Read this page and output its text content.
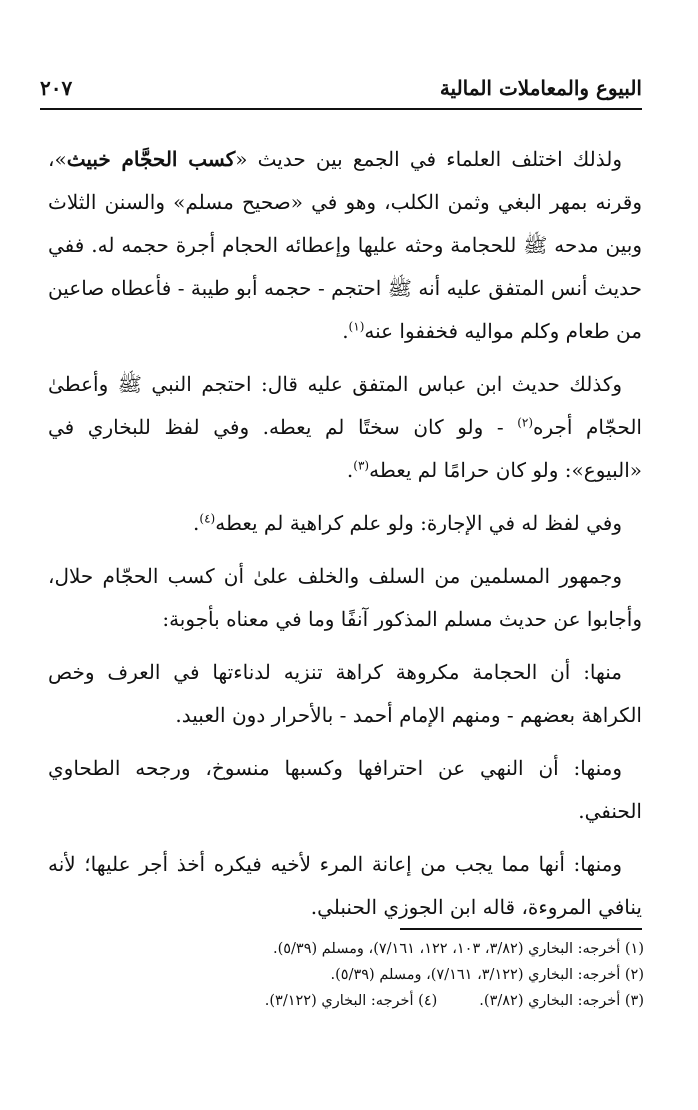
البيوع والمعاملات المالية
٢٠٧

ولذلك اختلف العلماء في الجمع بين حديث «كسب الحجَّام خبيث»، وقرنه بمهر البغي وثمن الكلب، وهو في «صحيح مسلم» والسنن الثلاث وبين مدحه ﷺ للحجامة وحثه عليها وإعطائه الحجام أجرة حجمه له. ففي حديث أنس المتفق عليه أنه ﷺ احتجم - حجمه أبو طيبة - فأعطاه صاعين من طعام وكلم مواليه فخففوا عنه$^{(١)}$.

وكذلك حديث ابن عباس المتفق عليه قال: احتجم النبي ﷺ وأعطىٰ الحجّام أجره$^{(٢)}$ - ولو كان سختًا لم يعطه. وفي لفظ للبخاري في «البيوع»: ولو كان حرامًا لم يعطه$^{(٣)}$.

وفي لفظ له في الإجارة: ولو علم كراهية لم يعطه$^{(٤)}$.

وجمهور المسلمين من السلف والخلف علىٰ أن كسب الحجّام حلال، وأجابوا عن حديث مسلم المذكور آنفًا وما في معناه بأجوبة:

منها: أن الحجامة مكروهة كراهة تنزيه لدناءتها في العرف وخص الكراهة بعضهم - ومنهم الإمام أحمد - بالأحرار دون العبيد.

ومنها: أن النهي عن احترافها وكسبها منسوخ، ورجحه الطحاوي الحنفي.

ومنها: أنها مما يجب من إعانة المرء لأخيه فيكره أخذ أجر عليها؛ لأنه ينافي المروءة، قاله ابن الجوزي الحنبلي.

(١) أخرجه: البخاري (٣/٨٢، ١٠٣، ١٢٢، ٧/١٦١)، ومسلم (٥/٣٩).

(٢) أخرجه: البخاري (٣/١٢٢، ٧/١٦١)، ومسلم (٥/٣٩).

(٣) أخرجه: البخاري (٣/٨٢).

(٤) أخرجه: البخاري (٣/١٢٢).
